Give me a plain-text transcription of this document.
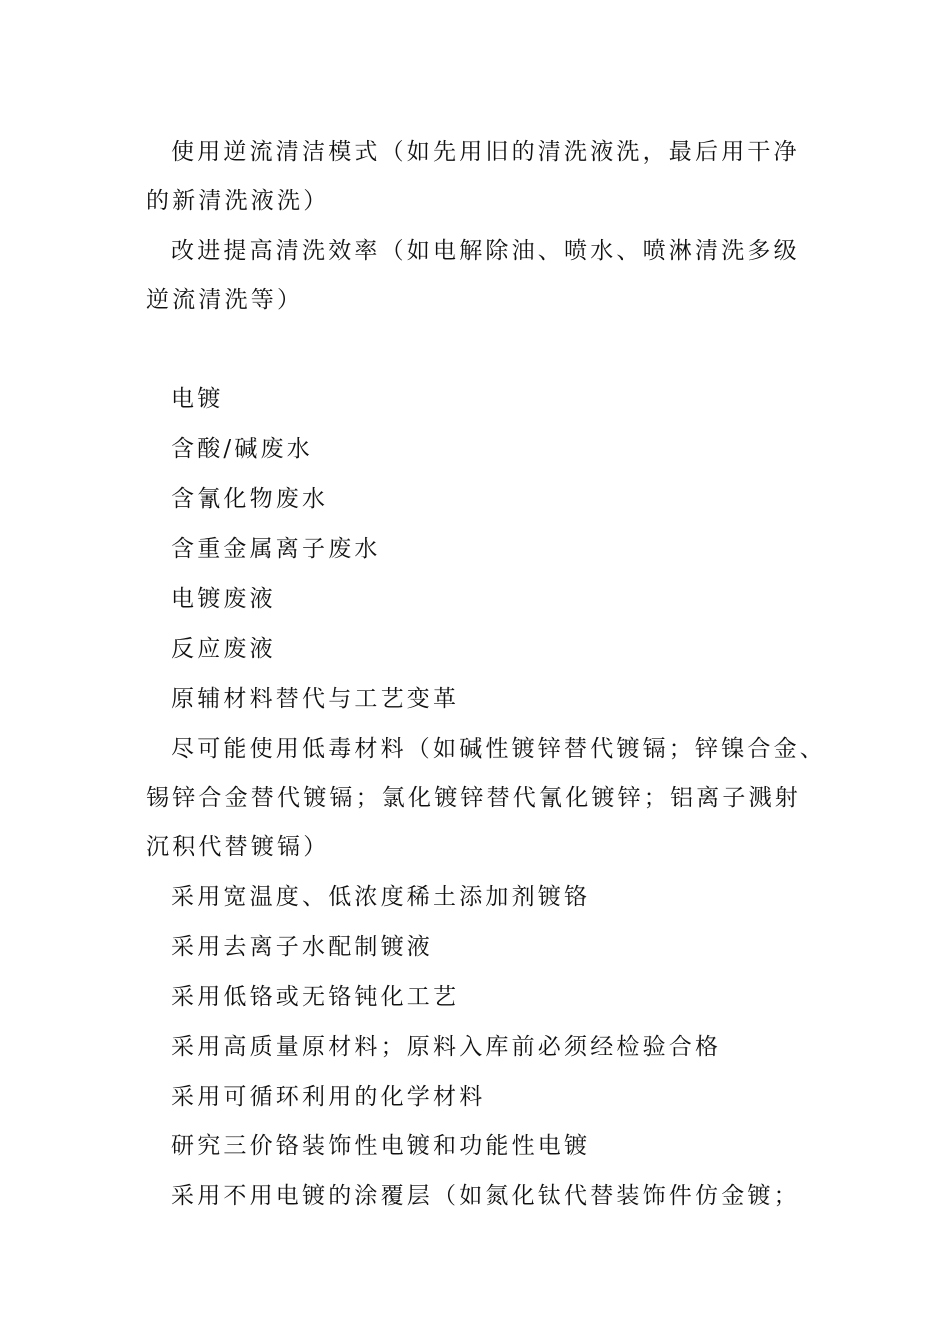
使用逆流清洁模式（如先用旧的清洗液洗，最后用干净
的新清洗液洗）
改进提高清洗效率（如电解除油、喷水、喷淋清洗多级
逆流清洗等）
电镀
含酸/碱废水
含氰化物废水
含重金属离子废水
电镀废液
反应废液
原辅材料替代与工艺变革
尽可能使用低毒材料（如碱性镀锌替代镀镉；锌镍合金、
锡锌合金替代镀镉；氯化镀锌替代氰化镀锌；铝离子溅射
沉积代替镀镉）
采用宽温度、低浓度稀土添加剂镀铬
采用去离子水配制镀液
采用低铬或无铬钝化工艺
采用高质量原材料；原料入库前必须经检验合格
采用可循环利用的化学材料
研究三价铬装饰性电镀和功能性电镀
采用不用电镀的涂覆层（如氮化钛代替装饰件仿金镀；
